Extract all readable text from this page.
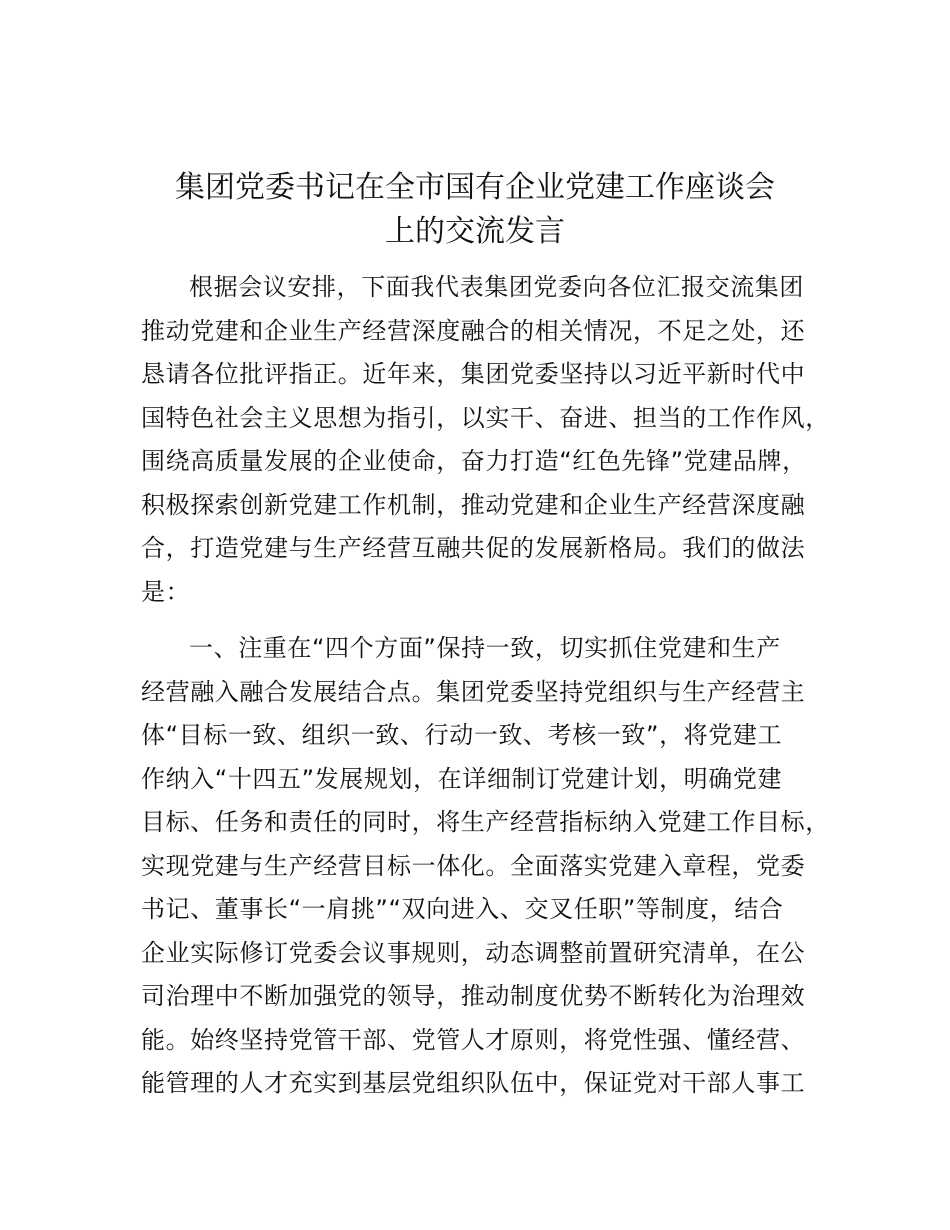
集团党委书记在全市国有企业党建工作座谈会
上的交流发言
根据会议安排，下面我代表集团党委向各位汇报交流集团
推动党建和企业生产经营深度融合的相关情况，不足之处，还
恳请各位批评指正。近年来，集团党委坚持以习近平新时代中
国特色社会主义思想为指引，以实干、奋进、担当的工作作风，
围绕高质量发展的企业使命，奋力打造“红色先锋”党建品牌，
积极探索创新党建工作机制，推动党建和企业生产经营深度融
合，打造党建与生产经营互融共促的发展新格局。我们的做法
是：
一、注重在“四个方面”保持一致，切实抓住党建和生产
经营融入融合发展结合点。集团党委坚持党组织与生产经营主
体“目标一致、组织一致、行动一致、考核一致”，将党建工
作纳入“十四五”发展规划，在详细制订党建计划，明确党建
目标、任务和责任的同时，将生产经营指标纳入党建工作目标，
实现党建与生产经营目标一体化。全面落实党建入章程，党委
书记、董事长“一肩挑”“双向进入、交叉任职”等制度，结合
企业实际修订党委会议事规则，动态调整前置研究清单，在公
司治理中不断加强党的领导，推动制度优势不断转化为治理效
能。始终坚持党管干部、党管人才原则，将党性强、懂经营、
能管理的人才充实到基层党组织队伍中，保证党对干部人事工
